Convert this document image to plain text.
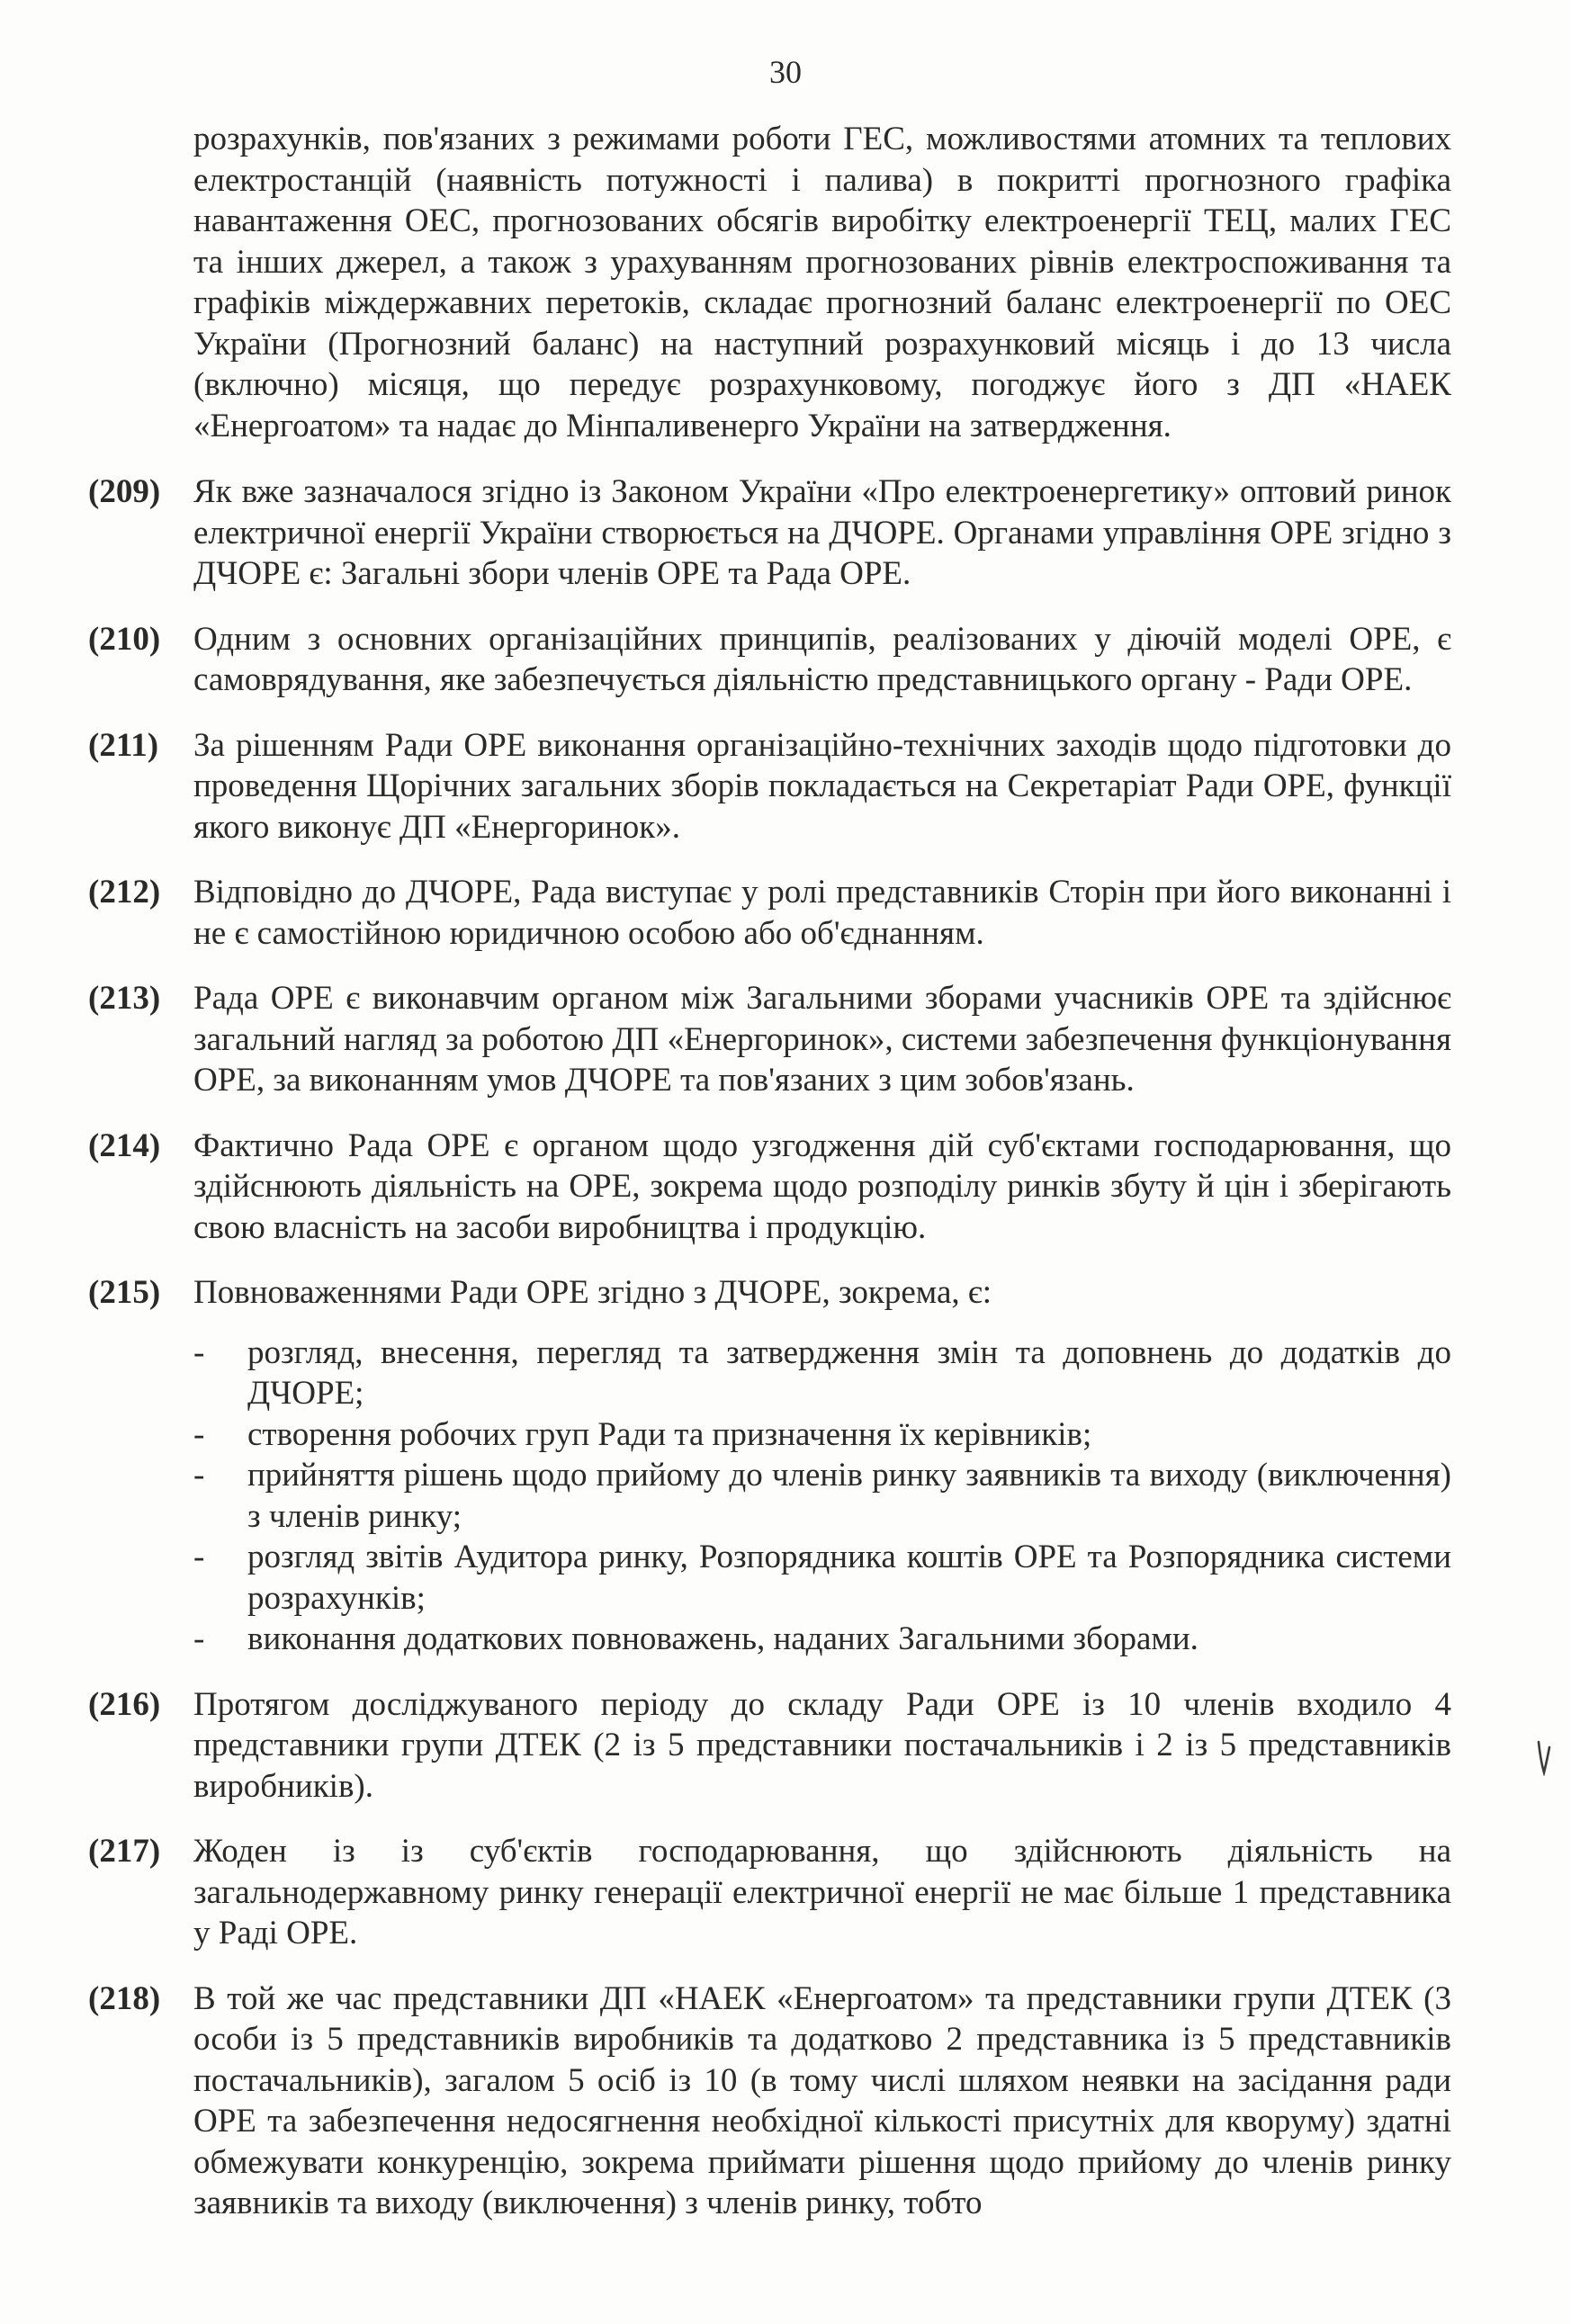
30

розрахунків, пов'язаних з режимами роботи ГЕС, можливостями атомних та теплових електростанцій (наявність потужності і палива) в покритті прогнозного графіка навантаження ОЕС, прогнозованих обсягів виробітку електроенергії ТЕЦ, малих ГЕС та інших джерел, а також з урахуванням прогнозованих рівнів електроспоживання та графіків міждержавних перетоків, складає прогнозний баланс електроенергії по ОЕС України (Прогнозний баланс) на наступний розрахунковий місяць і до 13 числа (включно) місяця, що передує розрахунковому, погоджує його з ДП «НАЕК «Енергоатом» та надає до Мінпаливенерго України на затвердження.

(209) Як вже зазначалося згідно із Законом України «Про електроенергетику» оптовий ринок електричної енергії України створюється на ДЧОРЕ. Органами управління ОРЕ згідно з ДЧОРЕ є: Загальні збори членів ОРЕ та Рада ОРЕ.
(210) Одним з основних організаційних принципів, реалізованих у діючій моделі ОРЕ, є самоврядування, яке забезпечується діяльністю представницького органу - Ради ОРЕ.
(211)	За рішенням Ради ОРЕ виконання організаційно-технічних заходів щодо підготовки до проведення Щорічних загальних зборів покладається на Секретаріат Ради ОРЕ, функції якого виконує ДП «Енергоринок».
(212) Відповідно до ДЧОРЕ, Рада виступає у ролі представників Сторін при його виконанні і не є самостійною юридичною особою або об'єднанням.
(213) Рада ОРЕ є виконавчим органом між Загальними зборами учасників ОРЕ та здійснює загальний нагляд за роботою ДП «Енергоринок», системи забезпечення функціонування ОРЕ, за виконанням умов ДЧОРЕ та пов'язаних з цим зобов'язань.
(214) Фактично Рада ОРЕ є органом щодо узгодження дій суб'єктами господарювання, що здійснюють діяльність на ОРЕ, зокрема щодо розподілу ринків збуту й цін і зберігають свою власність на засоби виробництва і продукцію.
(215) Повноваженнями Ради ОРЕ згідно з ДЧОРЕ, зокрема, є:
-	розгляд, внесення, перегляд та затвердження змін та доповнень до додатків до ДЧОРЕ;
-	створення робочих груп Ради та призначення їх керівників;
-	прийняття рішень щодо прийому до членів ринку заявників та виходу (виключення) з членів ринку;
-	розгляд звітів Аудитора ринку, Розпорядника коштів ОРЕ та Розпорядника системи розрахунків;
-	виконання додаткових повноважень, наданих Загальними зборами.
(216) Протягом досліджуваного періоду до складу Ради ОРЕ із 10 членів входило 4 представники групи ДТЕК (2 із 5 представники постачальників і 2 із 5 представників виробників).
(217) Жоден із із суб'єктів господарювання, що здійснюють діяльність на загальнодержавному ринку генерації електричної енергії не має більше 1 представника у Раді ОРЕ.
(218) В той же час представники ДП «НАЕК «Енергоатом» та представники групи ДТЕК (3 особи із 5 представників виробників та додатково 2 представника із 5 представників постачальників), загалом 5 осіб із 10 (в тому числі шляхом неявки на засідання ради ОРЕ та забезпечення недосягнення необхідної кількості присутніх для кворуму) здатні обмежувати конкуренцію, зокрема приймати рішення щодо прийому до членів ринку заявників та виходу (виключення) з членів ринку, тобто
